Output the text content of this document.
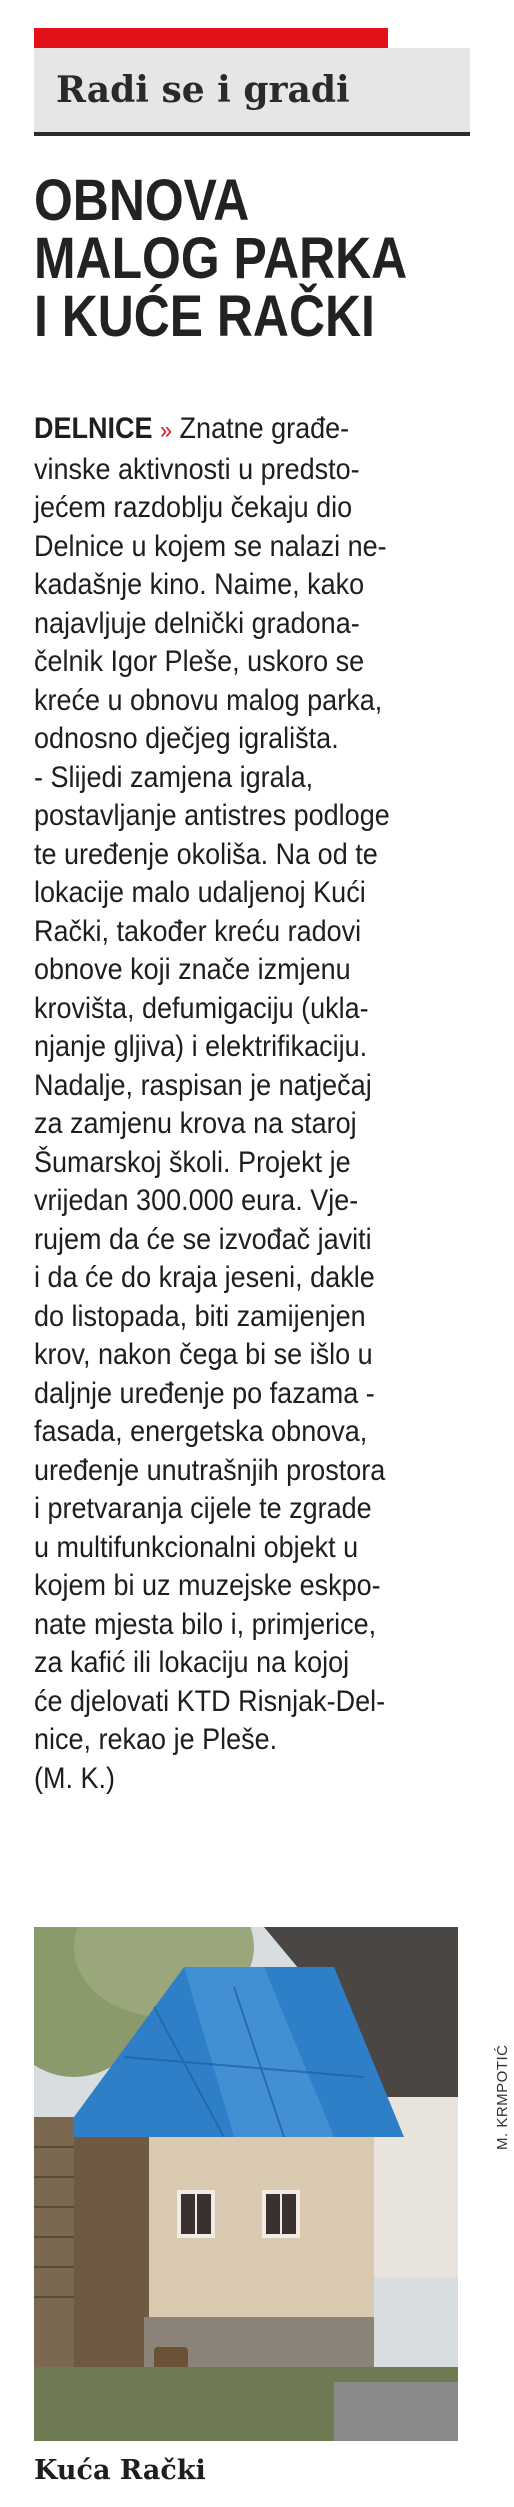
Radi se i gradi
OBNOVA
MALOG PARKA
I KUĆE RAČKI
DELNICE » Znatne građe-
vinske aktivnosti u predsto-
jećem razdoblju čekaju dio
Delnice u kojem se nalazi ne-
kadašnje kino. Naime, kako
najavljuje delnički gradona-
čelnik Igor Pleše, uskoro se
kreće u obnovu malog parka,
odnosno dječjeg igrališta.
- Slijedi zamjena igrala,
postavljanje antistres podloge
te uređenje okoliša. Na od te
lokacije malo udaljenoj Kući
Rački, također kreću radovi
obnove koji znače izmjenu
krovišta, defumigaciju (ukla-
njanje gljiva) i elektrifikaciju.
Nadalje, raspisan je natječaj
za zamjenu krova na staroj
Šumarskoj školi. Projekt je
vrijedan 300.000 eura. Vje-
rujem da će se izvođač javiti
i da će do kraja jeseni, dakle
do listopada, biti zamijenjen
krov, nakon čega bi se išlo u
daljnje uređenje po fazama -
fasada, energetska obnova,
uređenje unutrašnjih prostora
i pretvaranja cijele te zgrade
u multifunkcionalni objekt u
kojem bi uz muzejske eskpo-
nate mjesta bilo i, primjerice,
za kafić ili lokaciju na kojoj
će djelovati KTD Risnjak-Del-
nice, rekao je Pleše.
(M. K.)
M. KRMPOTIĆ
Kuća Rački
